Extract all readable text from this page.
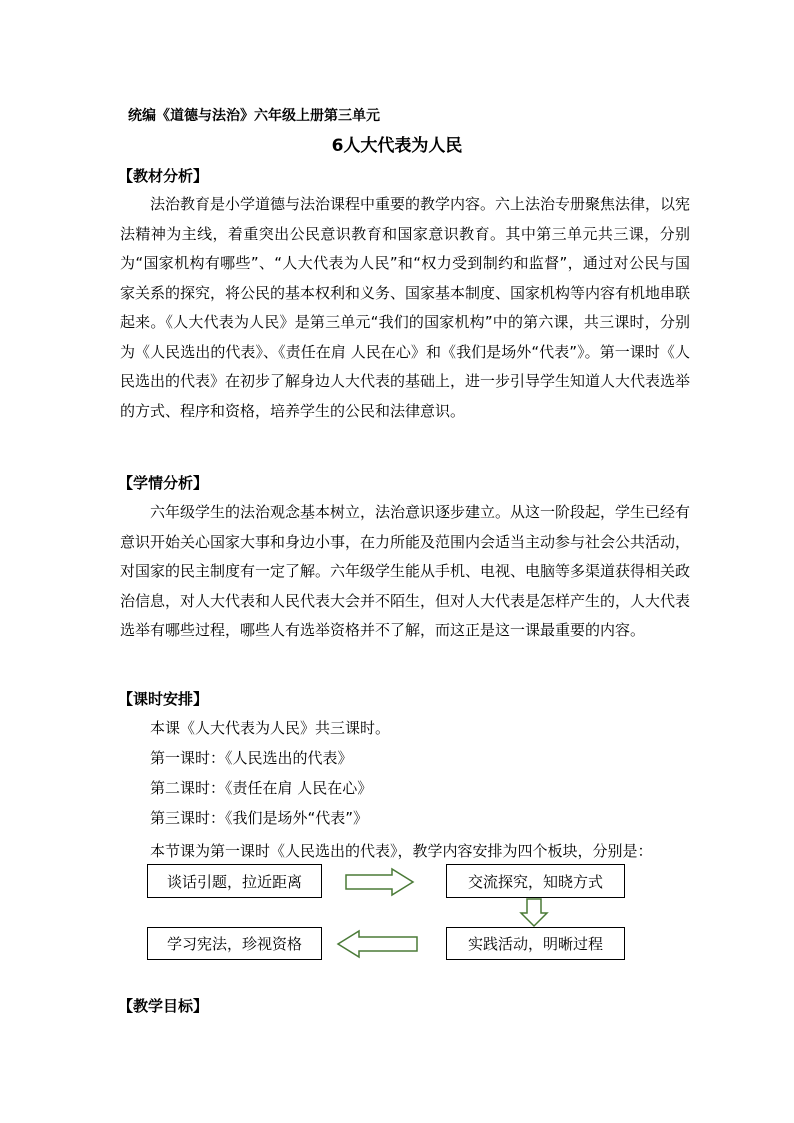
统编《道德与法治》六年级上册第三单元
6人大代表为人民
【教材分析】
法治教育是小学道德与法治课程中重要的教学内容。六上法治专册聚焦法律，以宪法精神为主线，着重突出公民意识教育和国家意识教育。其中第三单元共三课，分别为“国家机构有哪些”、“人大代表为人民”和“权力受到制约和监督”，通过对公民与国家关系的探究，将公民的基本权利和义务、国家基本制度、国家机构等内容有机地串联起来。《人大代表为人民》是第三单元“我们的国家机构”中的第六课，共三课时，分别为《人民选出的代表》、《责任在肩 人民在心》和《我们是场外“代表”》。第一课时《人民选出的代表》在初步了解身边人大代表的基础上，进一步引导学生知道人大代表选举的方式、程序和资格，培养学生的公民和法律意识。
【学情分析】
六年级学生的法治观念基本树立，法治意识逐步建立。从这一阶段起，学生已经有意识开始关心国家大事和身边小事，在力所能及范围内会适当主动参与社会公共活动，对国家的民主制度有一定了解。六年级学生能从手机、电视、电脑等多渠道获得相关政治信息，对人大代表和人民代表大会并不陌生，但对人大代表是怎样产生的，人大代表选举有哪些过程，哪些人有选举资格并不了解，而这正是这一课最重要的内容。
【课时安排】
本课《人大代表为人民》共三课时。
第一课时：《人民选出的代表》
第二课时：《责任在肩 人民在心》
第三课时：《我们是场外“代表”》
本节课为第一课时《人民选出的代表》，教学内容安排为四个板块，分别是：
谈话引题，拉近距离	交流探究，知晓方式
实践活动，明晰过程
学习宪法，珍视资格
【教学目标】
